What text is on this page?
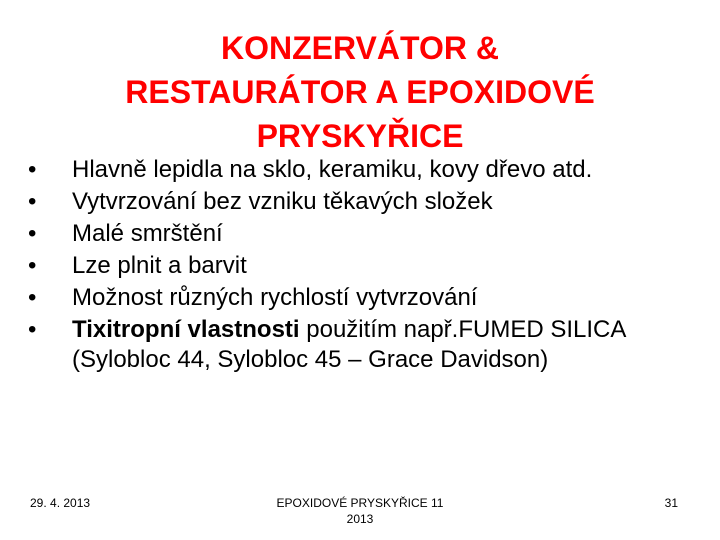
KONZERVÁTOR &
RESTAURÁTOR A EPOXIDOVÉ
PRYSKYŘICE
•	Hlavně lepidla na sklo, keramiku, kovy dřevo atd.
•	Vytvrzování bez vzniku těkavých složek
•	Malé smrštění
•	Lze plnit a barvit
•	Možnost různých rychlostí vytvrzování
•	Tixitropní vlastnosti použitím např.FUMED SILICA (Sylobloc 44, Sylobloc 45 – Grace Davidson)
29. 4. 2013	EPOXIDOVÉ PRYSKYŘICE 11
2013
31
